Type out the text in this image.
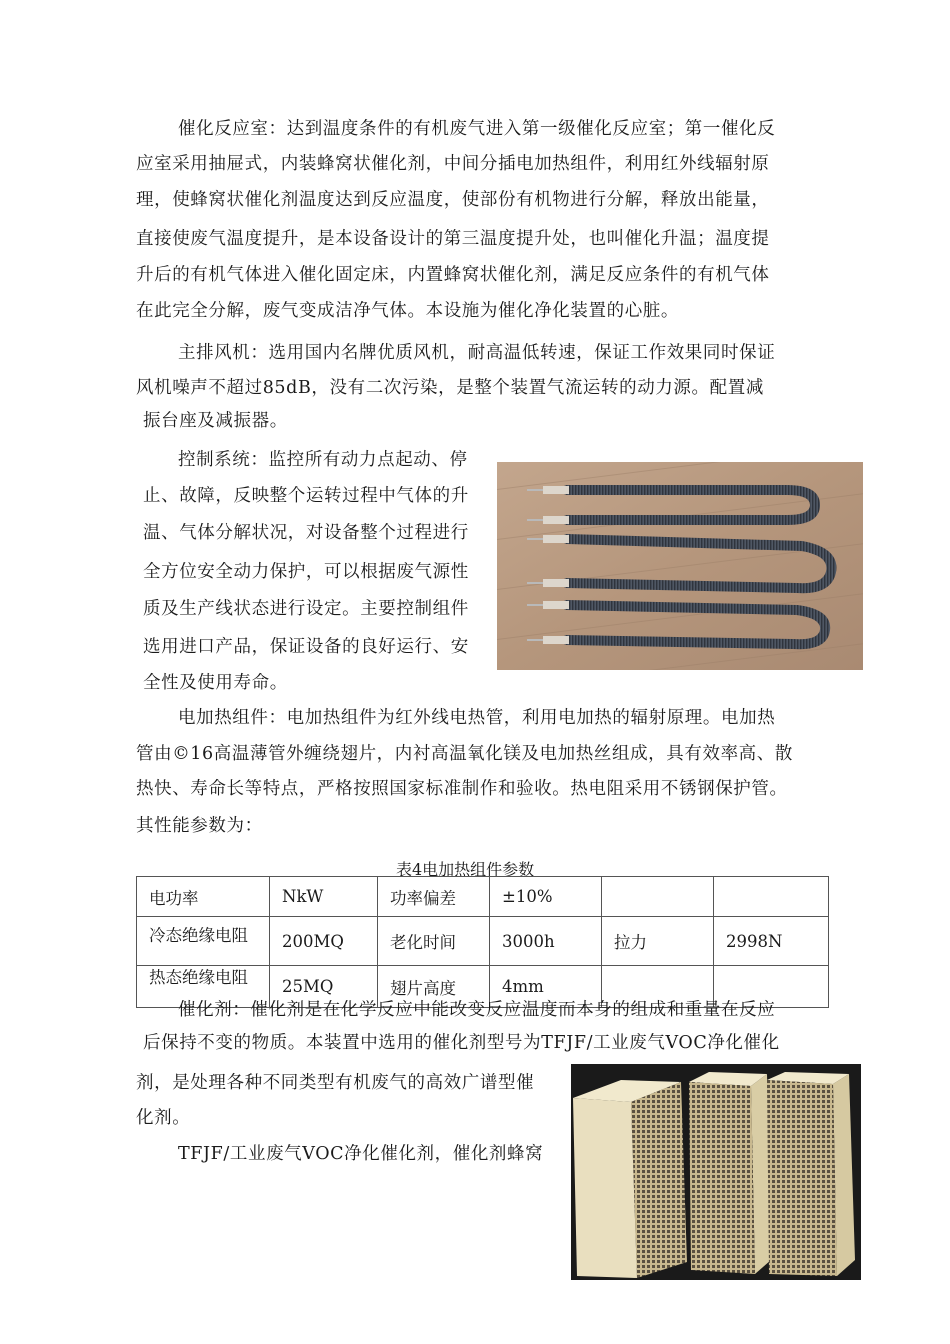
催化反应室：达到温度条件的有机废气进入第一级催化反应室；第一催化反
应室采用抽屉式，内装蜂窝状催化剂，中间分插电加热组件，利用红外线辐射原
理，使蜂窝状催化剂温度达到反应温度，使部份有机物进行分解，释放出能量，
直接使废气温度提升，是本设备设计的第三温度提升处，也叫催化升温；温度提
升后的有机气体进入催化固定床，内置蜂窝状催化剂，满足反应条件的有机气体
在此完全分解，废气变成洁净气体。本设施为催化净化装置的心脏。
主排风机：选用国内名牌优质风机，耐高温低转速，保证工作效果同时保证
风机噪声不超过85dB，没有二次污染，是整个装置气流运转的动力源。配置减
振台座及减振器。
控制系统：监控所有动力点起动、停
止、故障，反映整个运转过程中气体的升
温、气体分解状况，对设备整个过程进行
全方位安全动力保护，可以根据废气源性
质及生产线状态进行设定。主要控制组件
选用进口产品，保证设备的良好运行、安
全性及使用寿命。
电加热组件：电加热组件为红外线电热管，利用电加热的辐射原理。电加热
管由©16高温薄管外缠绕翅片，内衬高温氧化镁及电加热丝组成，具有效率高、散
热快、寿命长等特点，严格按照国家标准制作和验收。热电阻采用不锈钢保护管。
其性能参数为：
表4电加热组件参数
电功率	NkW	功率偏差	±10%		

冷态绝缘电阻	200MQ	老化时间	3000h	拉力	2998N

热态绝缘电阻	25MQ	翅片高度	4mm		
催化剂：催化剂是在化学反应中能改变反应温度而本身的组成和重量在反应
后保持不变的物质。本装置中选用的催化剂型号为TFJF/工业废气VOC净化催化
剂，是处理各种不同类型有机废气的高效广谱型催
化剂。
TFJF/工业废气VOC净化催化剂，催化剂蜂窝
